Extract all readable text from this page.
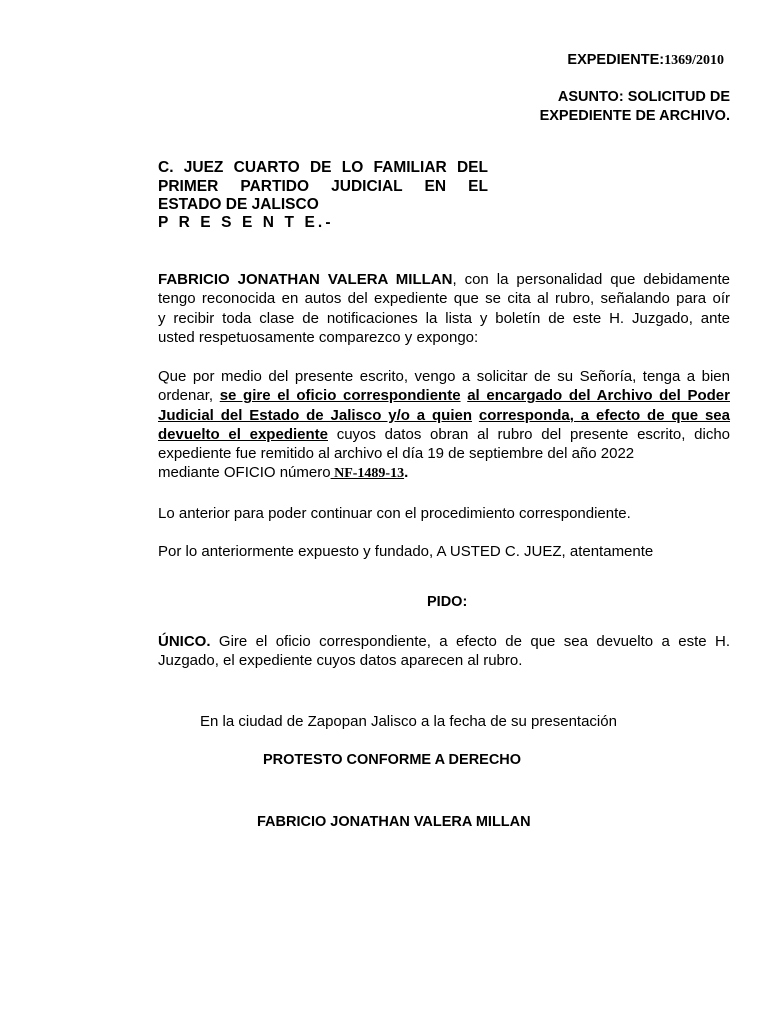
EXPEDIENTE:1369/2010
ASUNTO: SOLICITUD DE
EXPEDIENTE DE ARCHIVO.
C. JUEZ CUARTO DE LO FAMILIAR DEL
PRIMER PARTIDO JUDICIAL EN EL
ESTADO DE JALISCO
P R E S E N T E.-
FABRICIO JONATHAN VALERA MILLAN, con la personalidad que debidamente
tengo reconocida en autos del expediente que se cita al rubro, señalando para oír
y recibir toda clase de notificaciones la lista y boletín de este H. Juzgado, ante
usted respetuosamente comparezco y expongo:
Que por medio del presente escrito, vengo a solicitar de su Señoría, tenga a bien
ordenar, se gire el oficio correspondiente al encargado del Archivo del Poder
Judicial del Estado de Jalisco y/o a quien corresponda, a efecto de que sea
devuelto el expediente cuyos datos obran al rubro del presente escrito, dicho
expediente fue remitido al archivo el día 19 de septiembre del año 2022
mediante OFICIO número NF-1489-13.
Lo anterior para poder continuar con el procedimiento correspondiente.
Por lo anteriormente expuesto y fundado, A USTED C. JUEZ, atentamente
PIDO:
ÚNICO. Gire el oficio correspondiente, a efecto de que sea devuelto a este H.
Juzgado, el expediente cuyos datos aparecen al rubro.
En la ciudad de Zapopan Jalisco a la fecha de su presentación
PROTESTO CONFORME A DERECHO
FABRICIO JONATHAN VALERA MILLAN
